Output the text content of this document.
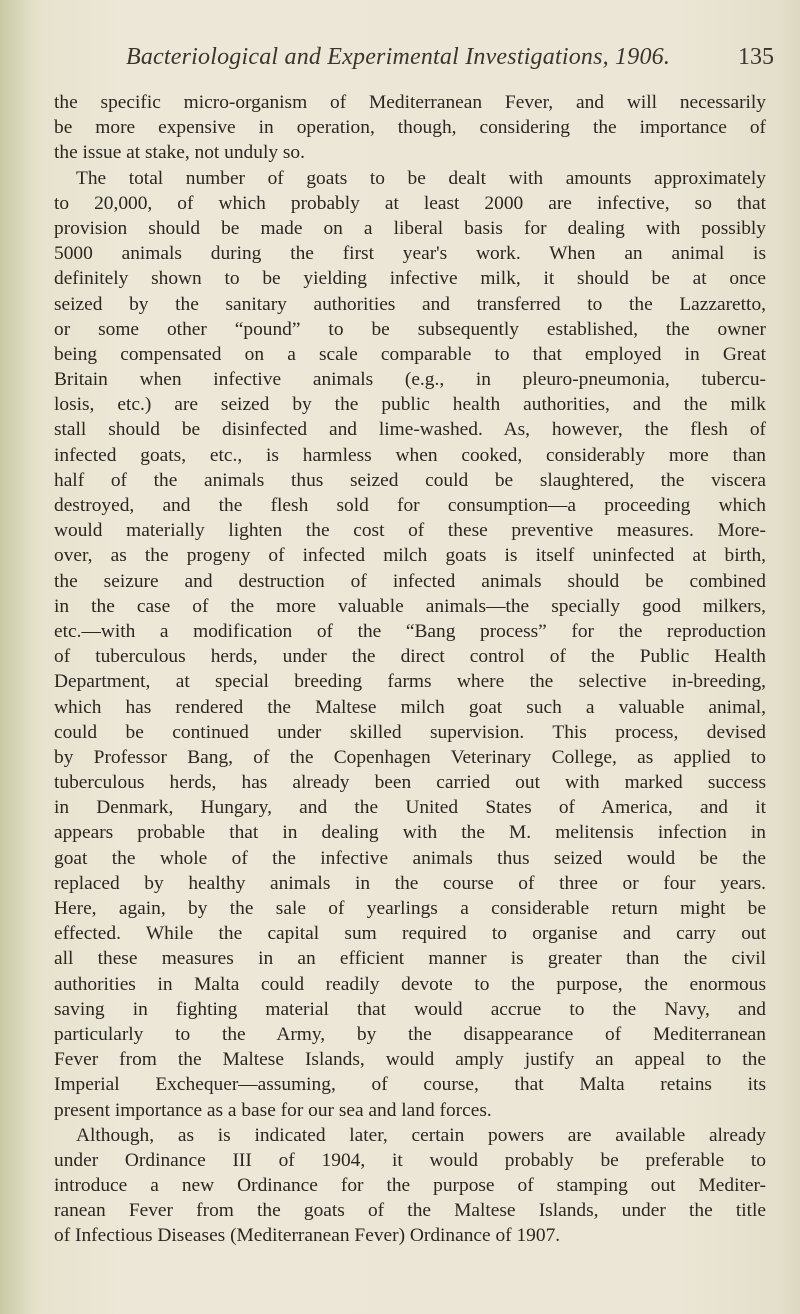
Bacteriological and Experimental Investigations, 1906.	135
the specific micro-organism of Mediterranean Fever, and will necessarily
be more expensive in operation, though, considering the importance of
the issue at stake, not unduly so.
The total number of goats to be dealt with amounts approximately
to 20,000, of which probably at least 2000 are infective, so that
provision should be made on a liberal basis for dealing with possibly
5000 animals during the first year's work. When an animal is
definitely shown to be yielding infective milk, it should be at once
seized by the sanitary authorities and transferred to the Lazzaretto,
or some other “pound” to be subsequently established, the owner
being compensated on a scale comparable to that employed in Great
Britain when infective animals (e.g., in pleuro-pneumonia, tubercu-
losis, etc.) are seized by the public health authorities, and the milk
stall should be disinfected and lime-washed. As, however, the flesh of
infected goats, etc., is harmless when cooked, considerably more than
half of the animals thus seized could be slaughtered, the viscera
destroyed, and the flesh sold for consumption—a proceeding which
would materially lighten the cost of these preventive measures. More-
over, as the progeny of infected milch goats is itself uninfected at birth,
the seizure and destruction of infected animals should be combined
in the case of the more valuable animals—the specially good milkers,
etc.—with a modification of the “Bang process” for the reproduction
of tuberculous herds, under the direct control of the Public Health
Department, at special breeding farms where the selective in-breeding,
which has rendered the Maltese milch goat such a valuable animal,
could be continued under skilled supervision. This process, devised
by Professor Bang, of the Copenhagen Veterinary College, as applied to
tuberculous herds, has already been carried out with marked success
in Denmark, Hungary, and the United States of America, and it
appears probable that in dealing with the M. melitensis infection in
goat the whole of the infective animals thus seized would be the
replaced by healthy animals in the course of three or four years.
Here, again, by the sale of yearlings a considerable return might be
effected. While the capital sum required to organise and carry out
all these measures in an efficient manner is greater than the civil
authorities in Malta could readily devote to the purpose, the enormous
saving in fighting material that would accrue to the Navy, and
particularly to the Army, by the disappearance of Mediterranean
Fever from the Maltese Islands, would amply justify an appeal to the
Imperial Exchequer—assuming, of course, that Malta retains its
present importance as a base for our sea and land forces.
Although, as is indicated later, certain powers are available already
under Ordinance III of 1904, it would probably be preferable to
introduce a new Ordinance for the purpose of stamping out Mediter-
ranean Fever from the goats of the Maltese Islands, under the title
of Infectious Diseases (Mediterranean Fever) Ordinance of 1907.
